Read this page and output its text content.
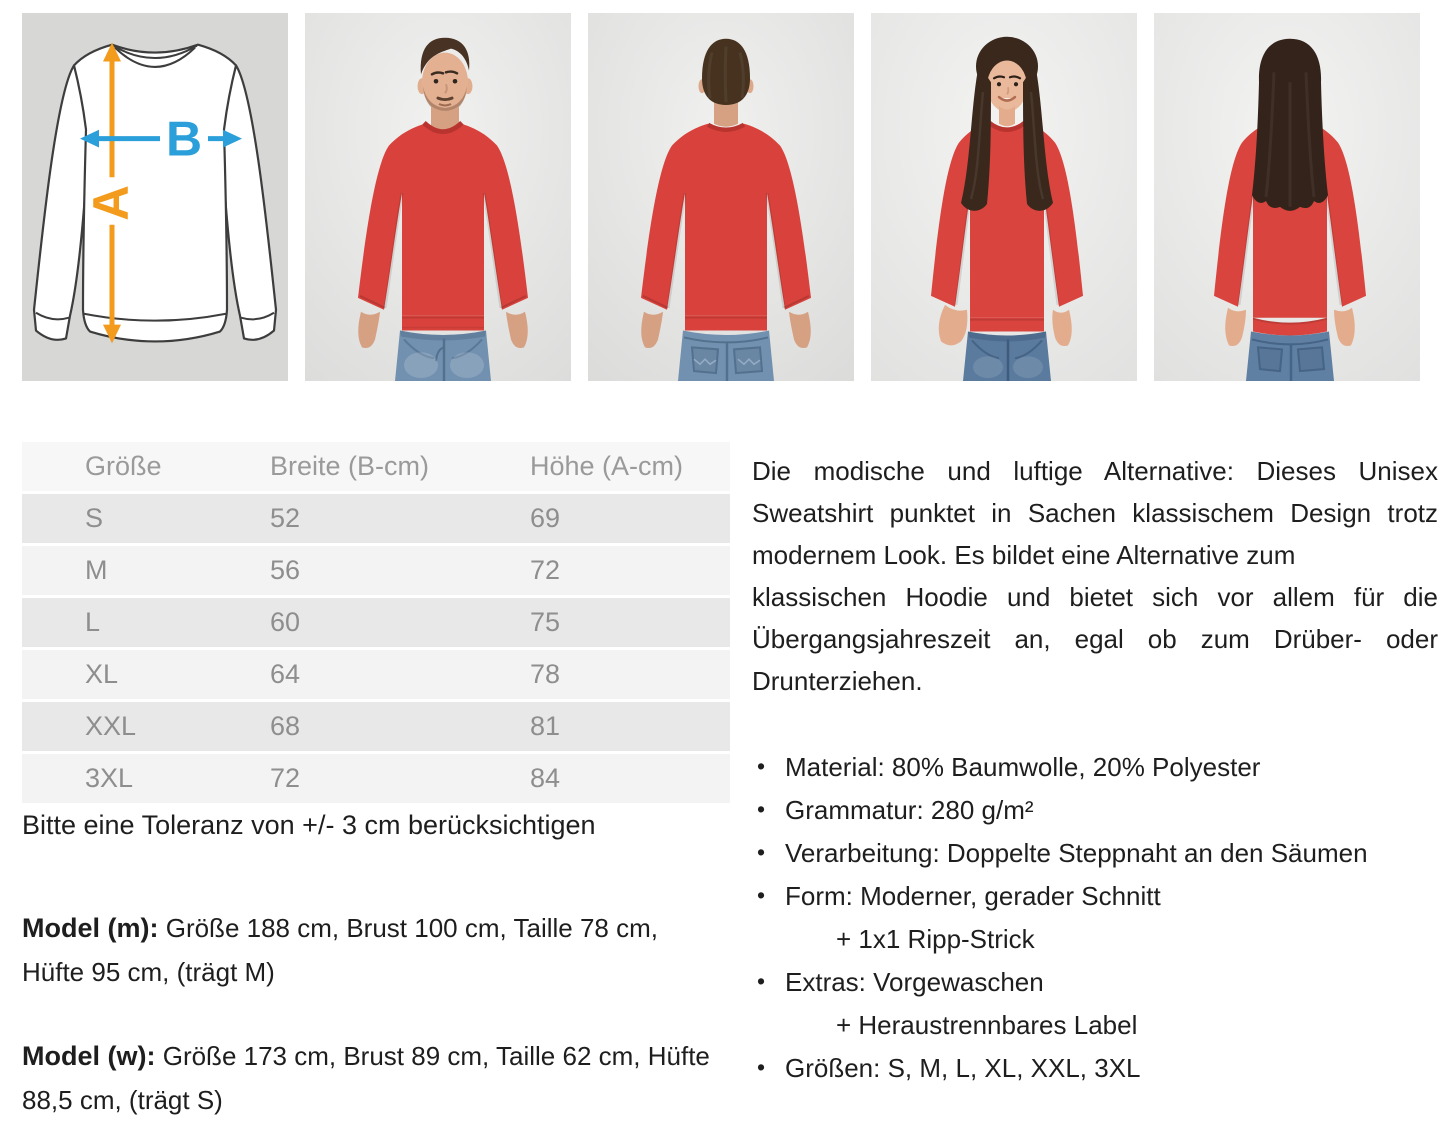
A
B
Größe	Breite (B-cm)	Höhe (A-cm)
S	52	69
M	56	72
L	60	75
XL	64	78
XXL	68	81
3XL	72	84
Bitte eine Toleranz von +/- 3 cm berücksichtigen
Model (m): Größe 188 cm, Brust 100 cm, Taille 78 cm, Hüfte 95 cm, (trägt M)
Model (w): Größe 173 cm, Brust 89 cm, Taille 62 cm, Hüfte 88,5 cm, (trägt S)
Die modische und luftige Alternative: Dieses Unisex
Sweatshirt punktet in Sachen klassischem Design trotz
modernem Look. Es bildet eine Alternative zum
klassischen Hoodie und bietet sich vor allem für die
Übergangsjahreszeit an, egal ob zum Drüber- oder
Drunterziehen.
• Material: 80% Baumwolle, 20% Polyester
• Grammatur: 280 g/m²
• Verarbeitung: Doppelte Steppnaht an den Säumen
• Form: Moderner, gerader Schnitt
+ 1x1 Ripp-Strick
• Extras: Vorgewaschen
+ Heraustrennbares Label
• Größen: S, M, L, XL, XXL, 3XL
